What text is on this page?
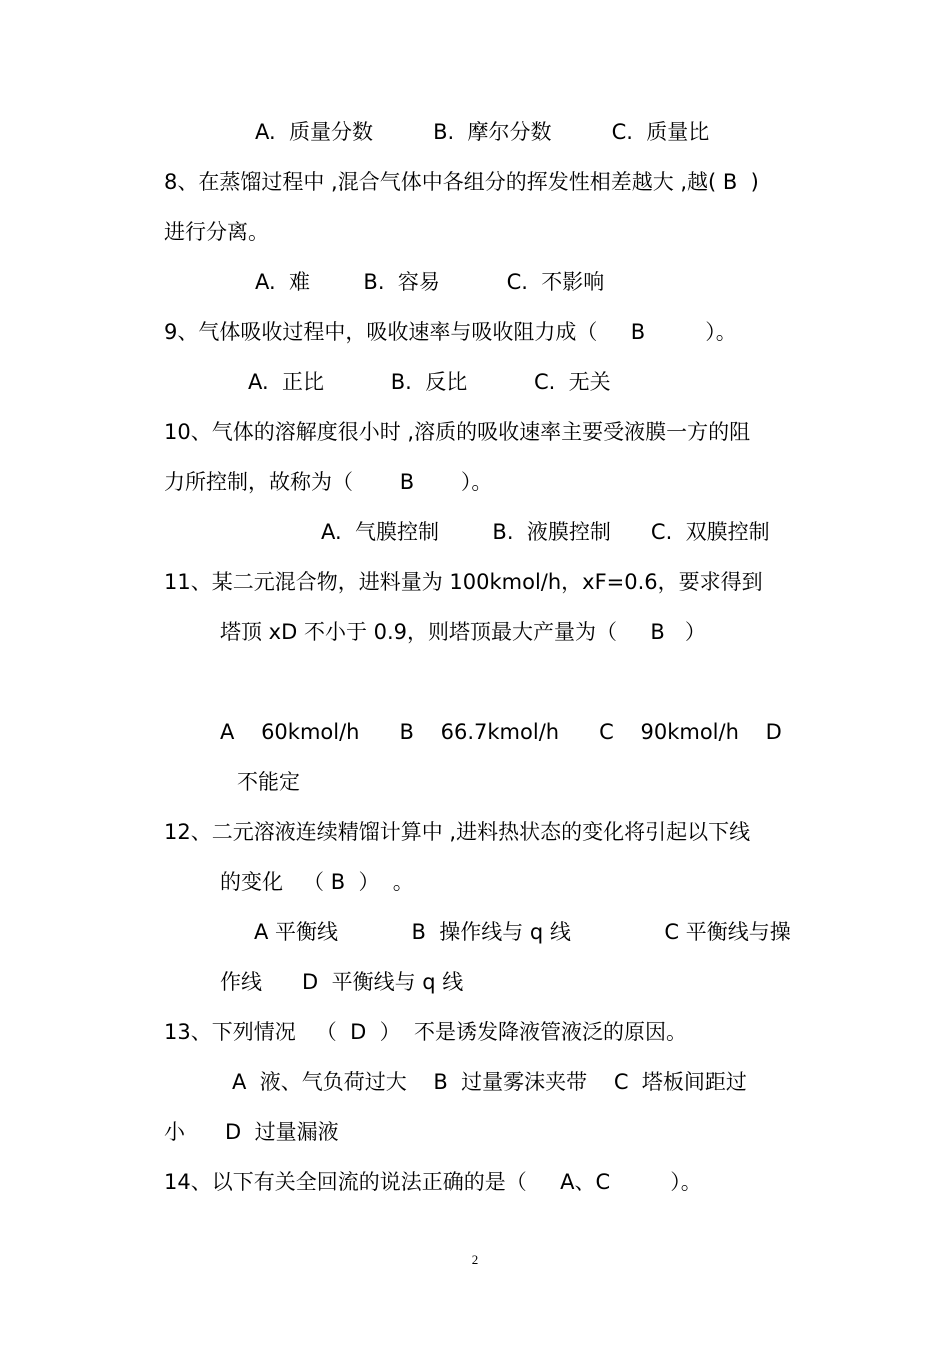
A.  质量分数         B.  摩尔分数         C.  质量比
8、在蒸馏过程中 ,混合气体中各组分的挥发性相差越大 ,越( B  )
进行分离。
A.  难        B.  容易          C.  不影响
9、气体吸收过程中，吸收速率与吸收阻力成（     B         ）。
A.  正比          B.  反比          C.  无关
10、气体的溶解度很小时 ,溶质的吸收速率主要受液膜一方的阻
力所控制，故称为（       B       ）。
A.  气膜控制        B.  液膜控制      C.  双膜控制
11、某二元混合物，进料量为 100kmol/h，xF=0.6，要求得到
塔顶 xD 不小于 0.9，则塔顶最大产量为（     B   ）
A    60kmol/h      B    66.7kmol/h      C    90kmol/h    D
不能定
12、二元溶液连续精馏计算中 ,进料热状态的变化将引起以下线
的变化   （ B  ）  。
A 平衡线           B  操作线与 q 线              C 平衡线与操
作线      D  平衡线与 q 线
13、下列情况   （  D  ）  不是诱发降液管液泛的原因。
A  液、气负荷过大    B  过量雾沫夹带    C  塔板间距过
小      D  过量漏液
14、以下有关全回流的说法正确的是（     A、C         ）。
2
